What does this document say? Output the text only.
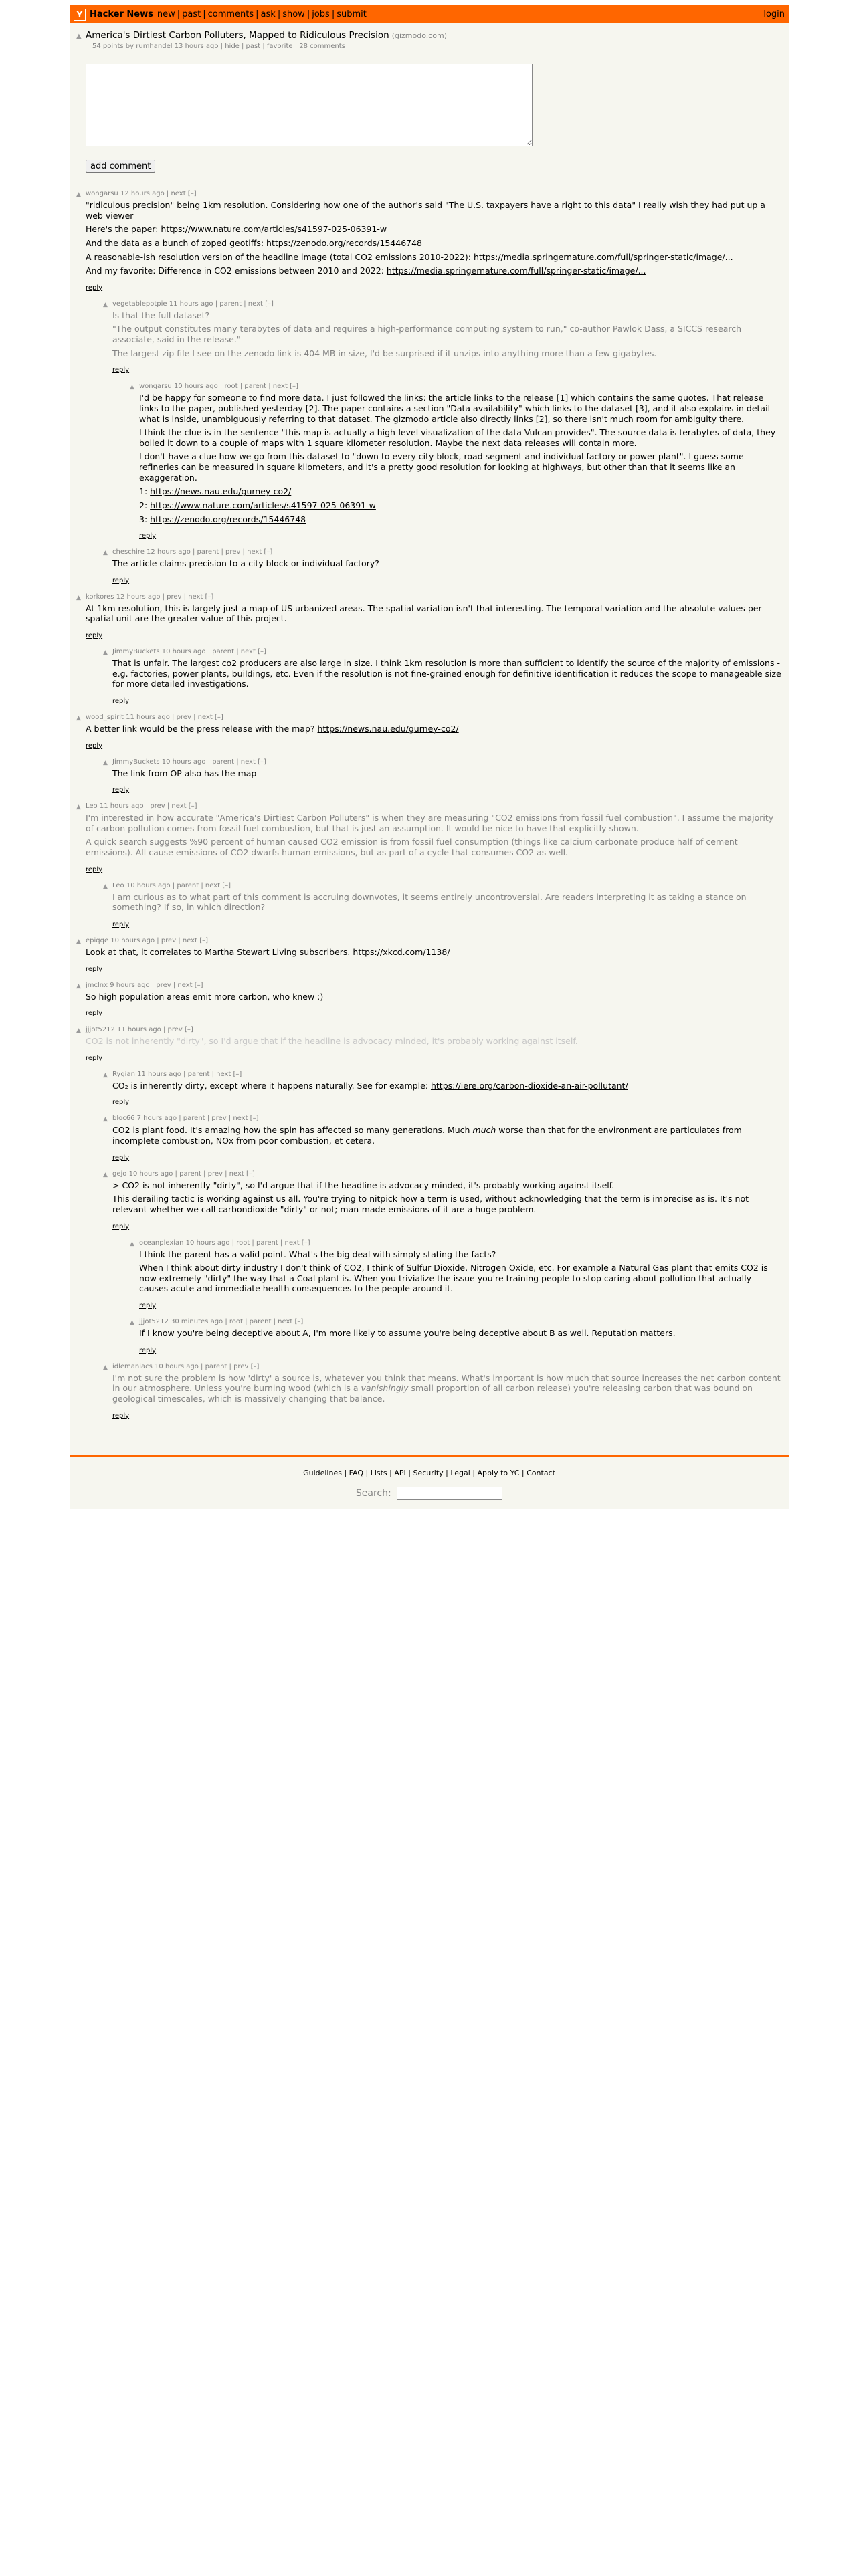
Y Hacker News new | past | comments | ask | show | jobs | submit	login
▲ America's Dirtiest Carbon Polluters, Mapped to Ridiculous Precision (gizmodo.com)
54 points by rumhandel 13 hours ago | hide | past | favorite | 28 comments
add comment
▲ wongarsu 12 hours ago | next [–]

"ridiculous precision" being 1km resolution. Considering how one of the author's said "The U.S. taxpayers have a right to this data" I really wish they had put up a web viewer

Here's the paper: https://www.nature.com/articles/s41597-025-06391-w

And the data as a bunch of zoped geotiffs: https://zenodo.org/records/15446748

A reasonable-ish resolution version of the headline image (total CO2 emissions 2010-2022): https://media.springernature.com/full/springer-static/image/...

And my favorite: Difference in CO2 emissions between 2010 and 2022: https://media.springernature.com/full/springer-static/image/...

reply
▲ vegetablepotpie 11 hours ago | parent | next [–]

Is that the full dataset?

"The output constitutes many terabytes of data and requires a high-performance computing system to run," co-author Pawlok Dass, a SICCS research associate, said in the release."

The largest zip file I see on the zenodo link is 404 MB in size, I'd be surprised if it unzips into anything more than a few gigabytes.

reply
▲ wongarsu 10 hours ago | root | parent | next [–]

I'd be happy for someone to find more data. I just followed the links: the article links to the release [1] which contains the same quotes. That release links to the paper, published yesterday [2]. The paper contains a section "Data availability" which links to the dataset [3], and it also explains in detail what is inside, unambiguously referring to that dataset. The gizmodo article also directly links [2], so there isn't much room for ambiguity there.

I think the clue is in the sentence "this map is actually a high-level visualization of the data Vulcan provides". The source data is terabytes of data, they boiled it down to a couple of maps with 1 square kilometer resolution. Maybe the next data releases will contain more.

I don't have a clue how we go from this dataset to "down to every city block, road segment and individual factory or power plant". I guess some refineries can be measured in square kilometers, and it's a pretty good resolution for looking at highways, but other than that it seems like an exaggeration.

1: https://news.nau.edu/gurney-co2/

2: https://www.nature.com/articles/s41597-025-06391-w

3: https://zenodo.org/records/15446748

reply
▲ cheschire 12 hours ago | parent | prev | next [–]

The article claims precision to a city block or individual factory?

reply
▲ korkores 12 hours ago | prev | next [–]

At 1km resolution, this is largely just a map of US urbanized areas. The spatial variation isn't that interesting. The temporal variation and the absolute values per spatial unit are the greater value of this project.

reply
▲ JimmyBuckets 10 hours ago | parent | next [–]

That is unfair. The largest co2 producers are also large in size. I think 1km resolution is more than sufficient to identify the source of the majority of emissions - e.g. factories, power plants, buildings, etc. Even if the resolution is not fine-grained enough for definitive identification it reduces the scope to manageable size for more detailed investigations.

reply
▲ wood_spirit 11 hours ago | prev | next [–]

A better link would be the press release with the map? https://news.nau.edu/gurney-co2/

reply
▲ JimmyBuckets 10 hours ago | parent | next [–]

The link from OP also has the map

reply
▲ Leo 11 hours ago | prev | next [–]

I'm interested in how accurate "America's Dirtiest Carbon Polluters" is when they are measuring "CO2 emissions from fossil fuel combustion". I assume the majority of carbon pollution comes from fossil fuel combustion, but that is just an assumption. It would be nice to have that explicitly shown.

A quick search suggests %90 percent of human caused CO2 emission is from fossil fuel consumption (things like calcium carbonate produce half of cement emissions). All cause emissions of CO2 dwarfs human emissions, but as part of a cycle that consumes CO2 as well.

reply
▲ Leo 10 hours ago | parent | next [–]

I am curious as to what part of this comment is accruing downvotes, it seems entirely uncontroversial. Are readers interpreting it as taking a stance on something? If so, in which direction?

reply
▲ epiqqe 10 hours ago | prev | next [–]

Look at that, it correlates to Martha Stewart Living subscribers. https://xkcd.com/1138/

reply
▲ jmclnx 9 hours ago | prev | next [–]

So high population areas emit more carbon, who knew :)

reply
▲ jjjot5212 11 hours ago | prev [–]

CO2 is not inherently "dirty", so I'd argue that if the headline is advocacy minded, it's probably working against itself.

reply
▲ Rygian 11 hours ago | parent | next [–]

CO₂ is inherently dirty, except where it happens naturally. See for example: https://iere.org/carbon-dioxide-an-air-pollutant/

reply
▲ bloc66 7 hours ago | parent | prev | next [–]

CO2 is plant food. It's amazing how the spin has affected so many generations. Much much worse than that for the environment are particulates from incomplete combustion, NOx from poor combustion, et cetera.

reply
▲ gejo 10 hours ago | parent | prev | next [–]

> CO2 is not inherently "dirty", so I'd argue that if the headline is advocacy minded, it's probably working against itself.

This derailing tactic is working against us all. You're trying to nitpick how a term is used, without acknowledging that the term is imprecise as is. It's not relevant whether we call carbondioxide "dirty" or not; man-made emissions of it are a huge problem.

reply
▲ oceanplexian 10 hours ago | root | parent | next [–]

I think the parent has a valid point. What's the big deal with simply stating the facts?

When I think about dirty industry I don't think of CO2, I think of Sulfur Dioxide, Nitrogen Oxide, etc. For example a Natural Gas plant that emits CO2 is now extremely "dirty" the way that a Coal plant is. When you trivialize the issue you're training people to stop caring about pollution that actually causes acute and immediate health consequences to the people around it.

reply
▲ jjjot5212 30 minutes ago | root | parent | next [–]

If I know you're being deceptive about A, I'm more likely to assume you're being deceptive about B as well. Reputation matters.

reply
▲ idlemaniacs 10 hours ago | parent | prev [–]

I'm not sure the problem is how 'dirty' a source is, whatever you think that means. What's important is how much that source increases the net carbon content in our atmosphere. Unless you're burning wood (which is a vanishingly small proportion of all carbon release) you're releasing carbon that was bound on geological timescales, which is massively changing that balance.

reply
Guidelines | FAQ | Lists | API | Security | Legal | Apply to YC | Contact
Search:
